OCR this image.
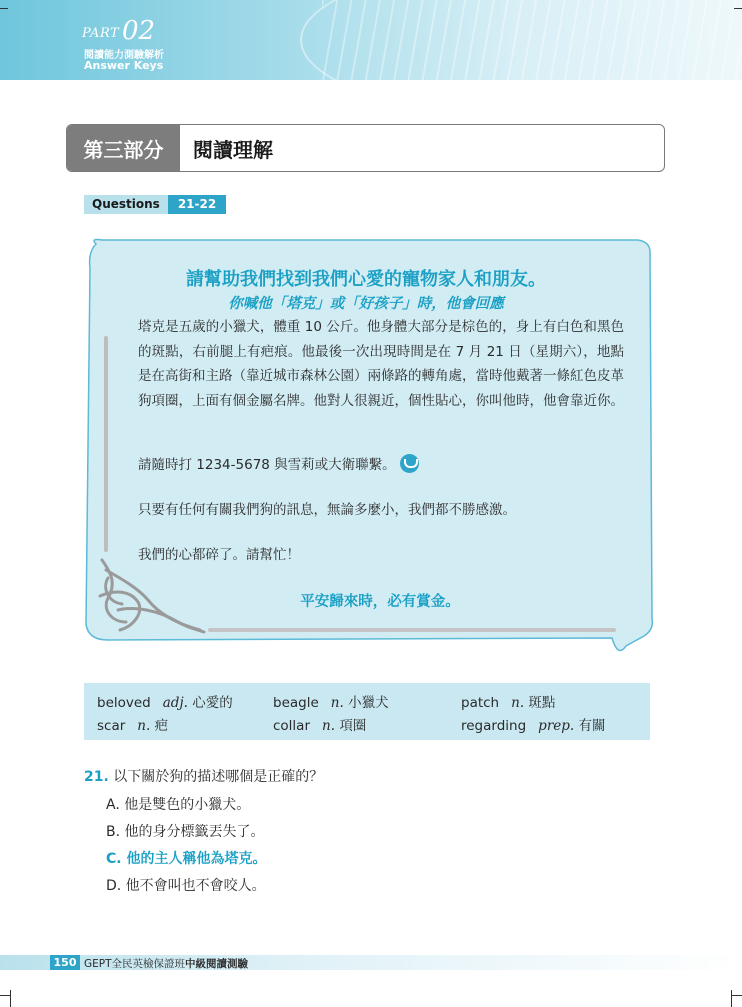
PART 02
閱讀能力測驗解析
Answer Keys
第三部分	閱讀理解
Questions	21-22
請幫助我們找到我們心愛的寵物家人和朋友。
你喊他「塔克」或「好孩子」時，他會回應
塔克是五歲的小獵犬，體重 10 公斤。他身體大部分是棕色的，身上有白色和黑色的斑點，右前腿上有疤痕。他最後一次出現時間是在 7 月 21 日（星期六），地點是在高街和主路（靠近城市森林公園）兩條路的轉角處，當時他戴著一條紅色皮革狗項圈，上面有個金屬名牌。他對人很親近，個性貼心，你叫他時，他會靠近你。
請隨時打 1234-5678 與雪莉或大衛聯繫。
只要有任何有關我們狗的訊息，無論多麼小，我們都不勝感激。
我們的心都碎了。請幫忙！
平安歸來時，必有賞金。
beloved adj. 心愛的	beagle n. 小獵犬	patch n. 斑點
scar n. 疤	collar n. 項圈	regarding prep. 有關
21. 以下關於狗的描述哪個是正確的？
A. 他是雙色的小獵犬。
B. 他的身分標籤丟失了。
C. 他的主人稱他為塔克。
D. 他不會叫也不會咬人。
150 GEPT全民英檢保證班中級閱讀測驗
